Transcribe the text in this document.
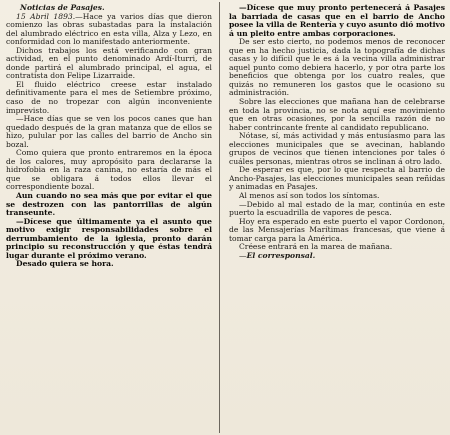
Noticias de Pasajes.

15 Abril 1893.—Hace ya varios días que dieron comienzo las obras subastadas para la instalación del alumbrado eléctrico en esta villa, Alza y Lezo, en conformidad con lo manifestado anteriormente.

Dichos trabajos los está verificando con gran actividad, en el punto denominado Ardí-Iturri, de donde partirá el alumbrado principal, el agua, el contratista don Felipe Lizarraide.

El fluido eléctrico creese estar instalado definitivamente para el mes de Setiembre próximo, caso de no tropezar con algún inconveniente imprevisto.

—Hace días que se ven los pocos canes que han quedado después de la gran matanza que de ellos se hizo, pulular por las calles del barrio de Ancho sin bozal.

Como quiera que pronto entraremos en la época de los calores, muy apropósito para declararse la hidrofobia en la raza canina, no estaría de más el que se obligara á todos ellos llevar el correspondiente bozal.

Aun cuando no sea más que por evitar el que se destrozen con las pantorrillas de algún transeunte.

—Dícese que últimamente ya el asunto que motivo exigir responsabilidades sobre el derrumbamiento de la iglesia, pronto darán principio su reconstrucción y que éstas tendrá lugar durante el próximo verano.

Desado quiera se hora.

—Dícese que muy pronto pertenecerá á Pasajes la barriada de casas que en el barrio de Ancho posee la villa de Rentería y cuyo asunto dió motivo á un pleito entre ambas corporaciones.

De ser esto cierto, no podemos menos de reconocer que en ha hecho justicia, dada la topografía de dichas casas y lo difícil que le es á la vecina villa administrar aquel punto como debiera hacerlo, y por otra parte los beneficios que obtenga por los cuatro reales, que quizás no remuneren los gastos que le ocasiono su administración.

Sobre las elecciones que mañana han de celebrarse en toda la provincia, no se nota aquí ese movimiento que en otras ocasiones, por la sencilla razón de no haber contrincante frente al candidato republicano.

Nótase, sí, más actividad y más entusiasmo para las elecciones municipales que se avecinan, hablando grupos de vecinos que tienen intenciones por tales ó cuáles personas, mientras otros se inclinan á otro lado.

De esperar es que, por lo que respecta al barrio de Ancho-Pasajes, las elecciones municipales sean reñidas y animadas en Pasajes.

Al menos así son todos los síntomas.

—Debido al mal estado de la mar, continúa en este puerto la escuadrilla de vapores de pesca.

Hoy era esperado en este puerto el vapor Cordonon, de las Mensajerías Marítimas francesas, que viene á tomar carga para la América.

Créese entrará en la marea de mañana.

—El corresponsal.
